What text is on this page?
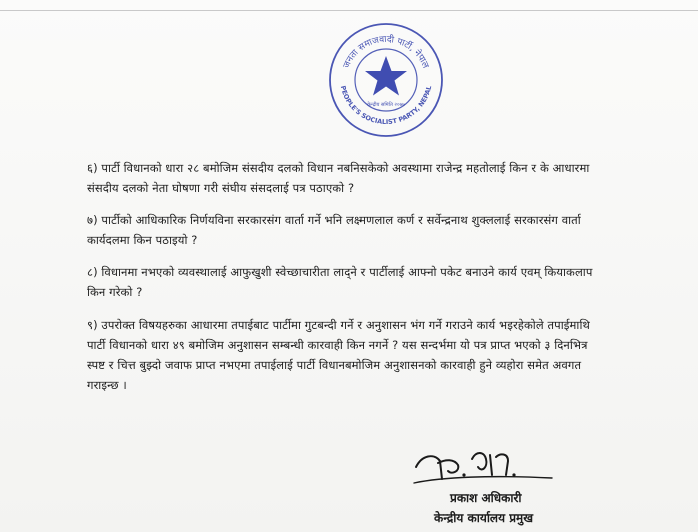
जनता समाजवादी पार्टी, नेपाल
PEOPLE'S SOCIALIST PARTY, NEPAL
केन्द्रीय समिति २०७७
६) पार्टी विधानको धारा २८ बमोजिम संसदीय दलको विधान नबनिसकेको अवस्थामा राजेन्द्र महतोलाई किन र के आधारमा संसदीय दलको नेता घोषणा गरी संघीय संसदलाई पत्र पठाएको ?
७) पार्टीको आधिकारिक निर्णयविना सरकारसंग वार्ता गर्ने भनि लक्ष्मणलाल कर्ण र सर्वेन्द्रनाथ शुक्ललाई सरकारसंग वार्ता कार्यदलमा किन पठाइयो ?
८) विधानमा नभएको व्यवस्थालाई आफुखुशी स्वेच्छाचारीता लाद्ने र पार्टीलाई आफ्नो पकेट बनाउने कार्य एवम् कियाकलाप किन गरेको ?
९) उपरोक्त विषयहरुका आधारमा तपाईबाट पार्टीमा गुटबन्दी गर्ने र अनुशासन भंग गर्ने गराउने कार्य भइरहेकोले तपाईमाथि पार्टी विधानको धारा ४९ बमोजिम अनुशासन सम्बन्धी कारवाही किन नगर्ने ? यस सन्दर्भमा यो पत्र प्राप्त भएको ३ दिनभित्र स्पष्ट र चित्त बुझ्दो जवाफ प्राप्त नभएमा तपाईलाई पार्टी विधानबमोजिम अनुशासनको कारवाही हुने व्यहोरा समेत अवगत गराइन्छ ।
प्रकाश अधिकारी
केन्द्रीय कार्यालय प्रमुख
